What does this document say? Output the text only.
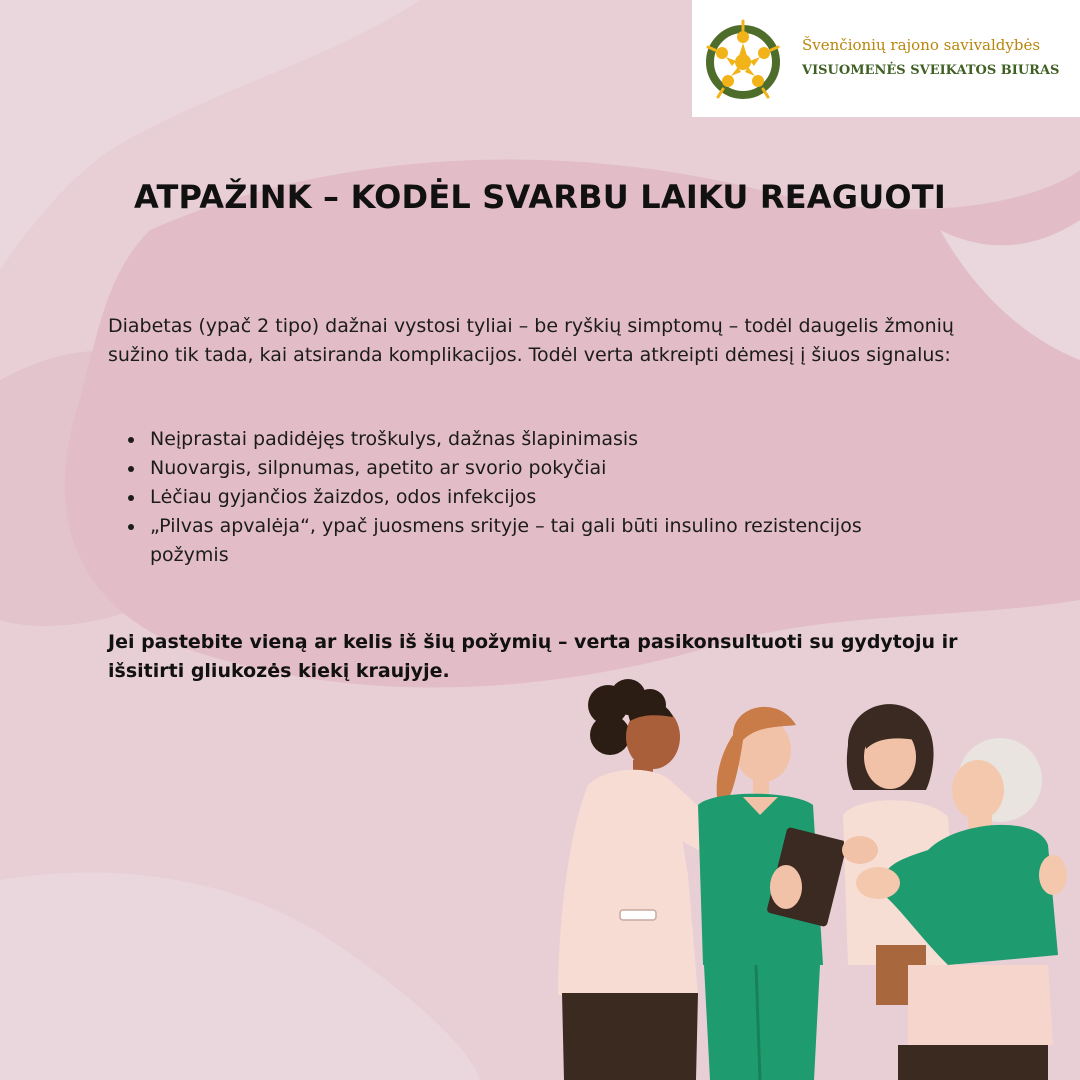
Švenčionių rajono savivaldybės
VISUOMENĖS SVEIKATOS BIURAS
ATPAŽINK – KODĖL SVARBU LAIKU REAGUOTI

Diabetas (ypač 2 tipo) dažnai vystosi tyliai – be ryškių simptomų – todėl daugelis žmonių sužino tik tada, kai atsiranda komplikacijos. Todėl verta atkreipti dėmesį į šiuos signalus:

• Neįprastai padidėjęs troškulys, dažnas šlapinimasis
• Nuovargis, silpnumas, apetito ar svorio pokyčiai
• Lėčiau gyjančios žaizdos, odos infekcijos
• „Pilvas apvalėja“, ypač juosmens srityje – tai gali būti insulino rezistencijos požymis

Jei pastebite vieną ar kelis iš šių požymių – verta pasikonsultuoti su gydytoju ir išsitirti gliukozės kiekį kraujyje.
